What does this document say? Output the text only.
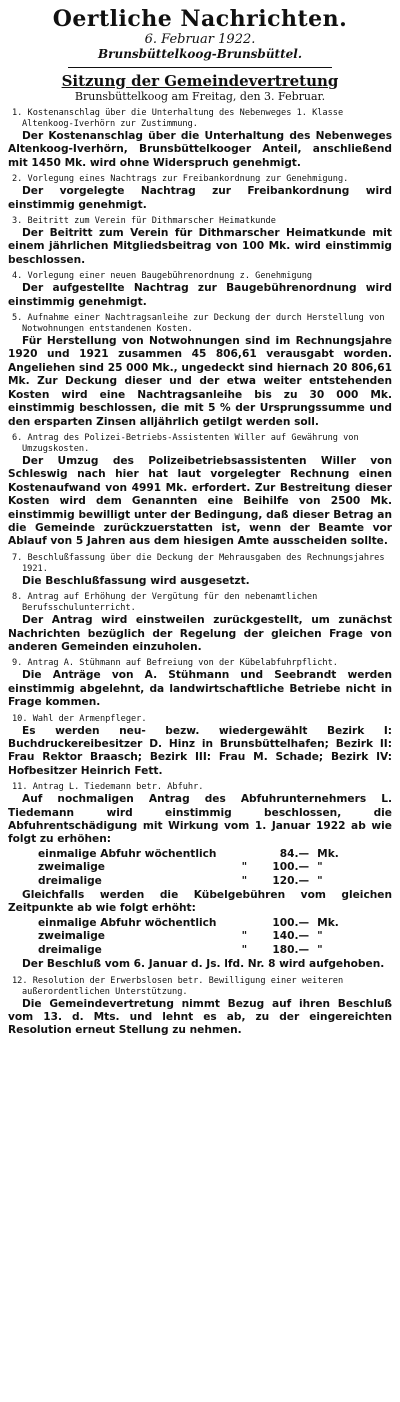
Oertliche Nachrichten.
6. Februar 1922.
Brunsbüttelkoog-Brunsbüttel.
Sitzung der Gemeindevertretung
Brunsbüttelkoog am Freitag, den 3. Februar.
1. Kostenanschlag über die Unterhaltung des Nebenweges 1. Klasse Altenkoog-Iverhörn zur Zustimmung.
Der Kostenanschlag über die Unterhaltung des Nebenweges Altenkoog-Iverhörn, Brunsbüttelkooger Anteil, anschließend mit 1450 Mk. wird ohne Widerspruch genehmigt.
2. Vorlegung eines Nachtrags zur Freibankordnung zur Genehmigung.
Der vorgelegte Nachtrag zur Freibankordnung wird einstimmig genehmigt.
3. Beitritt zum Verein für Dithmarscher Heimatkunde
Der Beitritt zum Verein für Dithmarscher Heimatkunde mit einem jährlichen Mitgliedsbeitrag von 100 Mk. wird einstimmig beschlossen.
4. Vorlegung einer neuen Baugebührenordnung z. Genehmigung
Der aufgestellte Nachtrag zur Baugebührenordnung wird einstimmig genehmigt.
5. Aufnahme einer Nachtragsanleihe zur Deckung der durch Herstellung von Notwohnungen entstandenen Kosten.
Für Herstellung von Notwohnungen sind im Rechnungsjahre 1920 und 1921 zusammen 45 806,61 verausgabt worden. Angeliehen sind 25 000 Mk., ungedeckt sind hiernach 20 806,61 Mk. Zur Deckung dieser und der etwa weiter entstehenden Kosten wird eine Nachtragsanleihe bis zu 30 000 Mk. einstimmig beschlossen, die mit 5 % der Ursprungssumme und den ersparten Zinsen alljährlich getilgt werden soll.
6. Antrag des Polizei-Betriebs-Assistenten Willer auf Gewährung von Umzugskosten.
Der Umzug des Polizeibetriebsassistenten Willer von Schleswig nach hier hat laut vorgelegter Rechnung einen Kostenaufwand von 4991 Mk. erfordert. Zur Bestreitung dieser Kosten wird dem Genannten eine Beihilfe von 2500 Mk. einstimmig bewilligt unter der Bedingung, daß dieser Betrag an die Gemeinde zurückzuerstatten ist, wenn der Beamte vor Ablauf von 5 Jahren aus dem hiesigen Amte ausscheiden sollte.
7. Beschlußfassung über die Deckung der Mehrausgaben des Rechnungsjahres 1921.
Die Beschlußfassung wird ausgesetzt.
8. Antrag auf Erhöhung der Vergütung für den nebenamtlichen Berufsschulunterricht.
Der Antrag wird einstweilen zurückgestellt, um zunächst Nachrichten bezüglich der Regelung der gleichen Frage von anderen Gemeinden einzuholen.
9. Antrag A. Stühmann auf Befreiung von der Kübelabfuhrpflicht.
Die Anträge von A. Stühmann und Seebrandt werden einstimmig abgelehnt, da landwirtschaftliche Betriebe nicht in Frage kommen.
10. Wahl der Armenpfleger.
Es werden neu- bezw. wiedergewählt Bezirk I: Buchdruckereibesitzer D. Hinz in Brunsbüttelhafen; Bezirk II: Frau Rektor Braasch; Bezirk III: Frau M. Schade; Bezirk IV: Hofbesitzer Heinrich Fett.
11. Antrag L. Tiedemann betr. Abfuhr.
Auf nochmaligen Antrag des Abfuhrunternehmers L. Tiedemann wird einstimmig beschlossen, die Abfuhrentschädigung mit Wirkung vom 1. Januar 1922 ab wie folgt zu erhöhen:
einmalige Abfuhr wöchentlich		84.—	Mk.
zweimalige	"	100.—	"
dreimalige	"	120.—	"
Gleichfalls werden die Kübelgebühren vom gleichen Zeitpunkte ab wie folgt erhöht:
einmalige Abfuhr wöchentlich		100.—	Mk.
zweimalige	"	140.—	"
dreimalige	"	180.—	"
Der Beschluß vom 6. Januar d. Js. lfd. Nr. 8 wird aufgehoben.
12. Resolution der Erwerbslosen betr. Bewilligung einer weiteren außerordentlichen Unterstützung.
Die Gemeindevertretung nimmt Bezug auf ihren Beschluß vom 13. d. Mts. und lehnt es ab, zu der eingereichten Resolution erneut Stellung zu nehmen.
